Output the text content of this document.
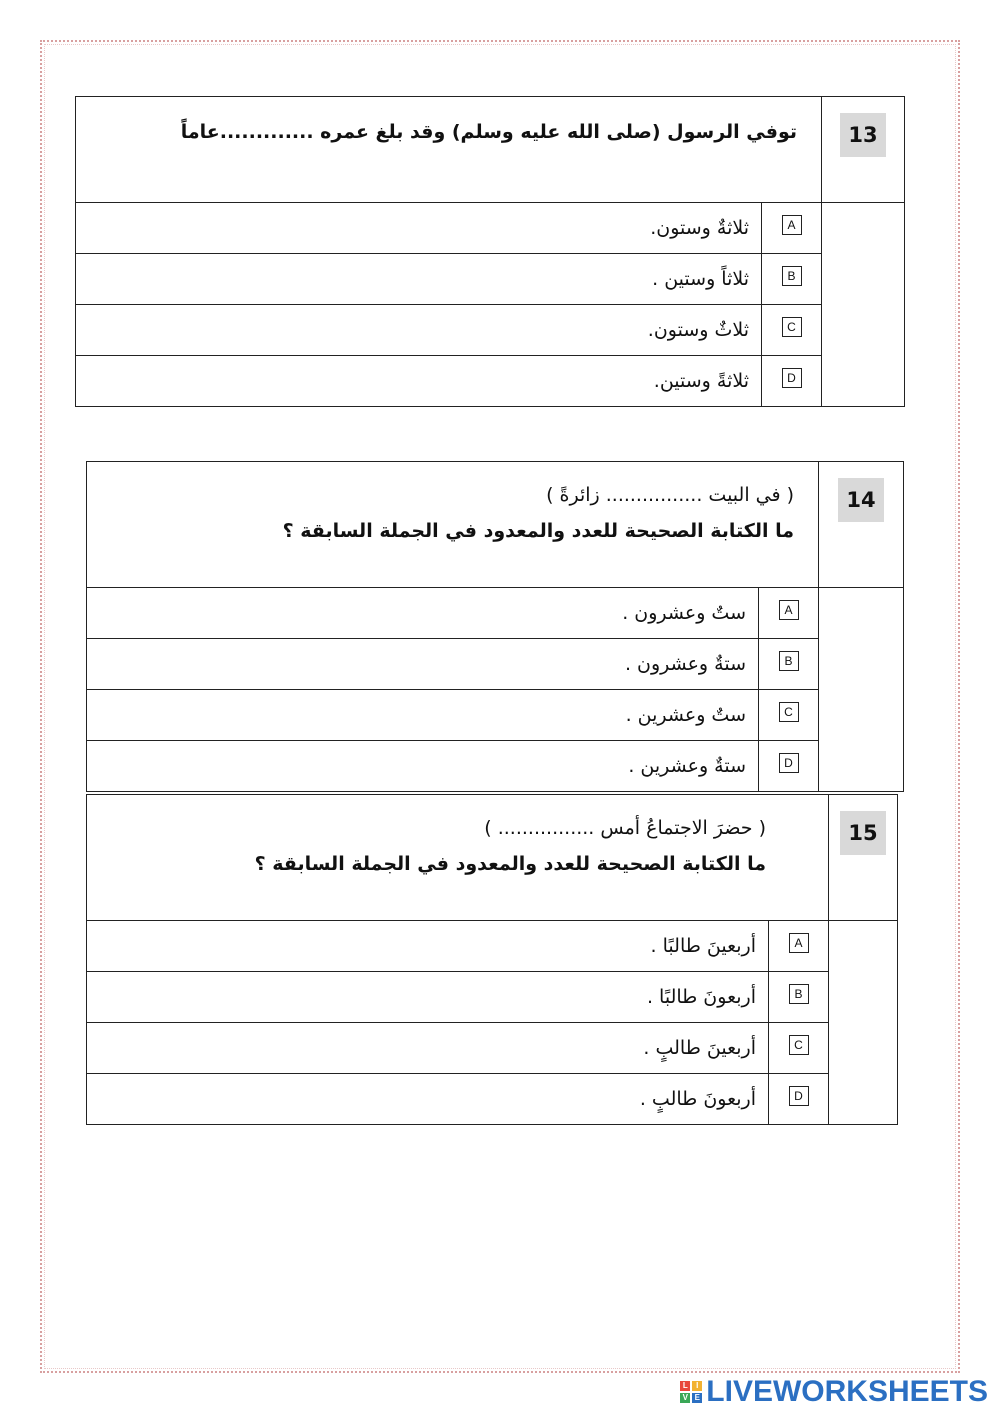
توفي الرسول (صلى الله عليه وسلم) وقد بلغ عمره .............عاماً		13
ثلاثةٌ وستون.	A	
ثلاثاً وستين .	B	
ثلاثٌ وستون.	C	
ثلاثةً وستين.	D	
( في البيت ................ زائرةً )
ما الكتابة الصحيحة للعدد والمعدود في الجملة السابقة ؟		14
ستٌ وعشرون .	A	
ستةٌ وعشرون .	B	
ستٌ وعشرين .	C	
ستةٌ وعشرين .	D	
( حضرَ الاجتماعُ أمس ................ )
ما الكتابة الصحيحة للعدد والمعدود في الجملة السابقة ؟		15
أربعينَ طالبًا .	A	
أربعونَ طالبًا .	B	
أربعينَ طالبٍ .	C	
أربعونَ طالبٍ .	D	
L	I
V E LIVEWORKSHEETS
